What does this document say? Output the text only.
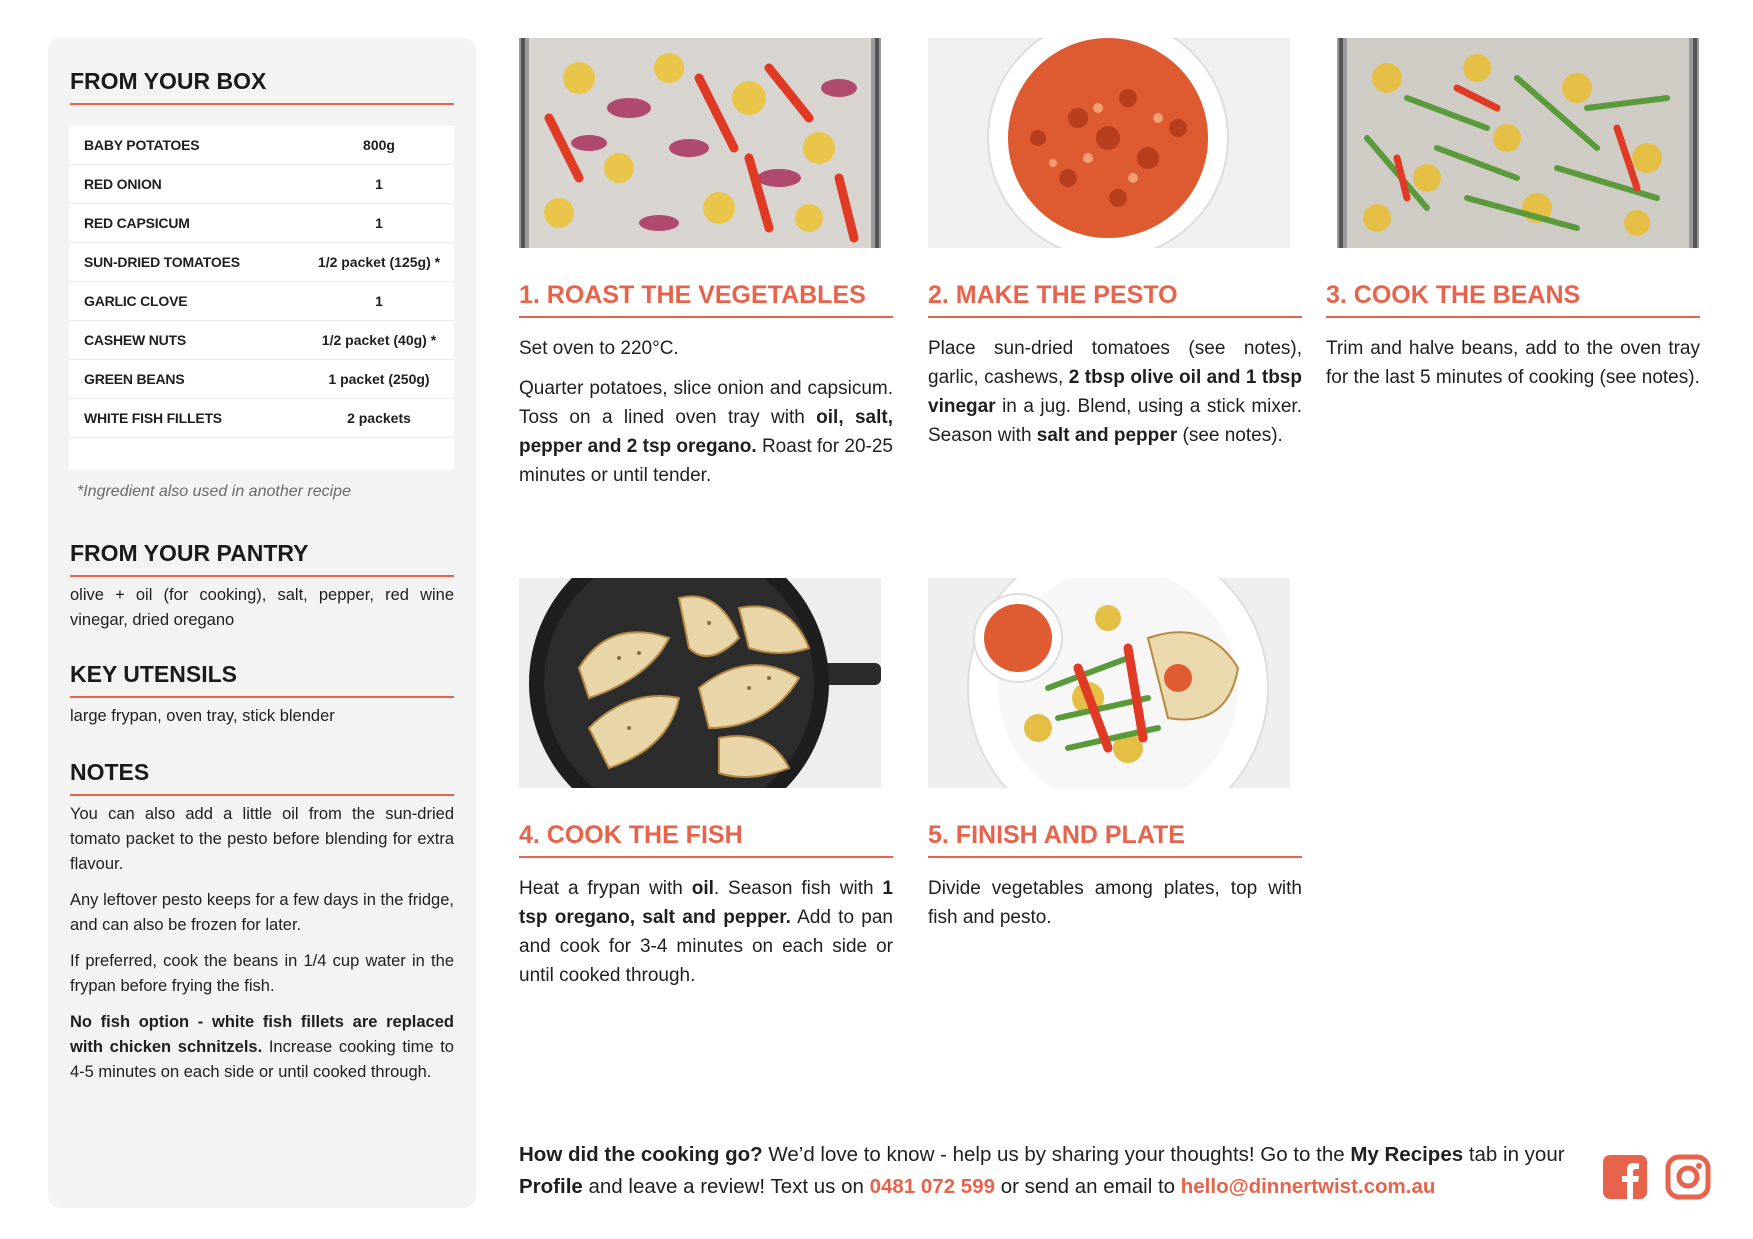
FROM YOUR BOX
BABY POTATOES	800g
RED ONION	1
RED CAPSICUM	1
SUN-DRIED TOMATOES	1/2 packet (125g) *
GARLIC CLOVE	1
CASHEW NUTS	1/2 packet (40g) *
GREEN BEANS	1 packet (250g)
WHITE FISH FILLETS	2 packets
*Ingredient also used in another recipe
FROM YOUR PANTRY
olive + oil (for cooking), salt, pepper, red wine vinegar, dried oregano
KEY UTENSILS
large frypan, oven tray, stick blender
NOTES

You can also add a little oil from the sun-dried tomato packet to the pesto before blending for extra flavour.

Any leftover pesto keeps for a few days in the fridge, and can also be frozen for later.

If preferred, cook the beans in 1/4 cup water in the frypan before frying the fish.

No fish option - white fish fillets are replaced with chicken schnitzels. Increase cooking time to 4-5 minutes on each side or until cooked through.

1. ROAST THE VEGETABLES

Set oven to 220°C.

Quarter potatoes, slice onion and capsicum. Toss on a lined oven tray with oil, salt, pepper and 2 tsp oregano. Roast for 20-25 minutes or until tender.

2. MAKE THE PESTO

Place sun-dried tomatoes (see notes), garlic, cashews, 2 tbsp olive oil and 1 tbsp vinegar in a jug. Blend, using a stick mixer. Season with salt and pepper (see notes).

3. COOK THE BEANS

Trim and halve beans, add to the oven tray for the last 5 minutes of cooking (see notes).

4. COOK THE FISH

Heat a frypan with oil. Season fish with 1 tsp oregano, salt and pepper. Add to pan and cook for 3-4 minutes on each side or until cooked through.

5. FINISH AND PLATE

Divide vegetables among plates, top with fish and pesto.

How did the cooking go? We’d love to know - help us by sharing your thoughts! Go to the My Recipes tab in your Profile and leave a review! Text us on 0481 072 599 or send an email to hello@dinnertwist.com.au
